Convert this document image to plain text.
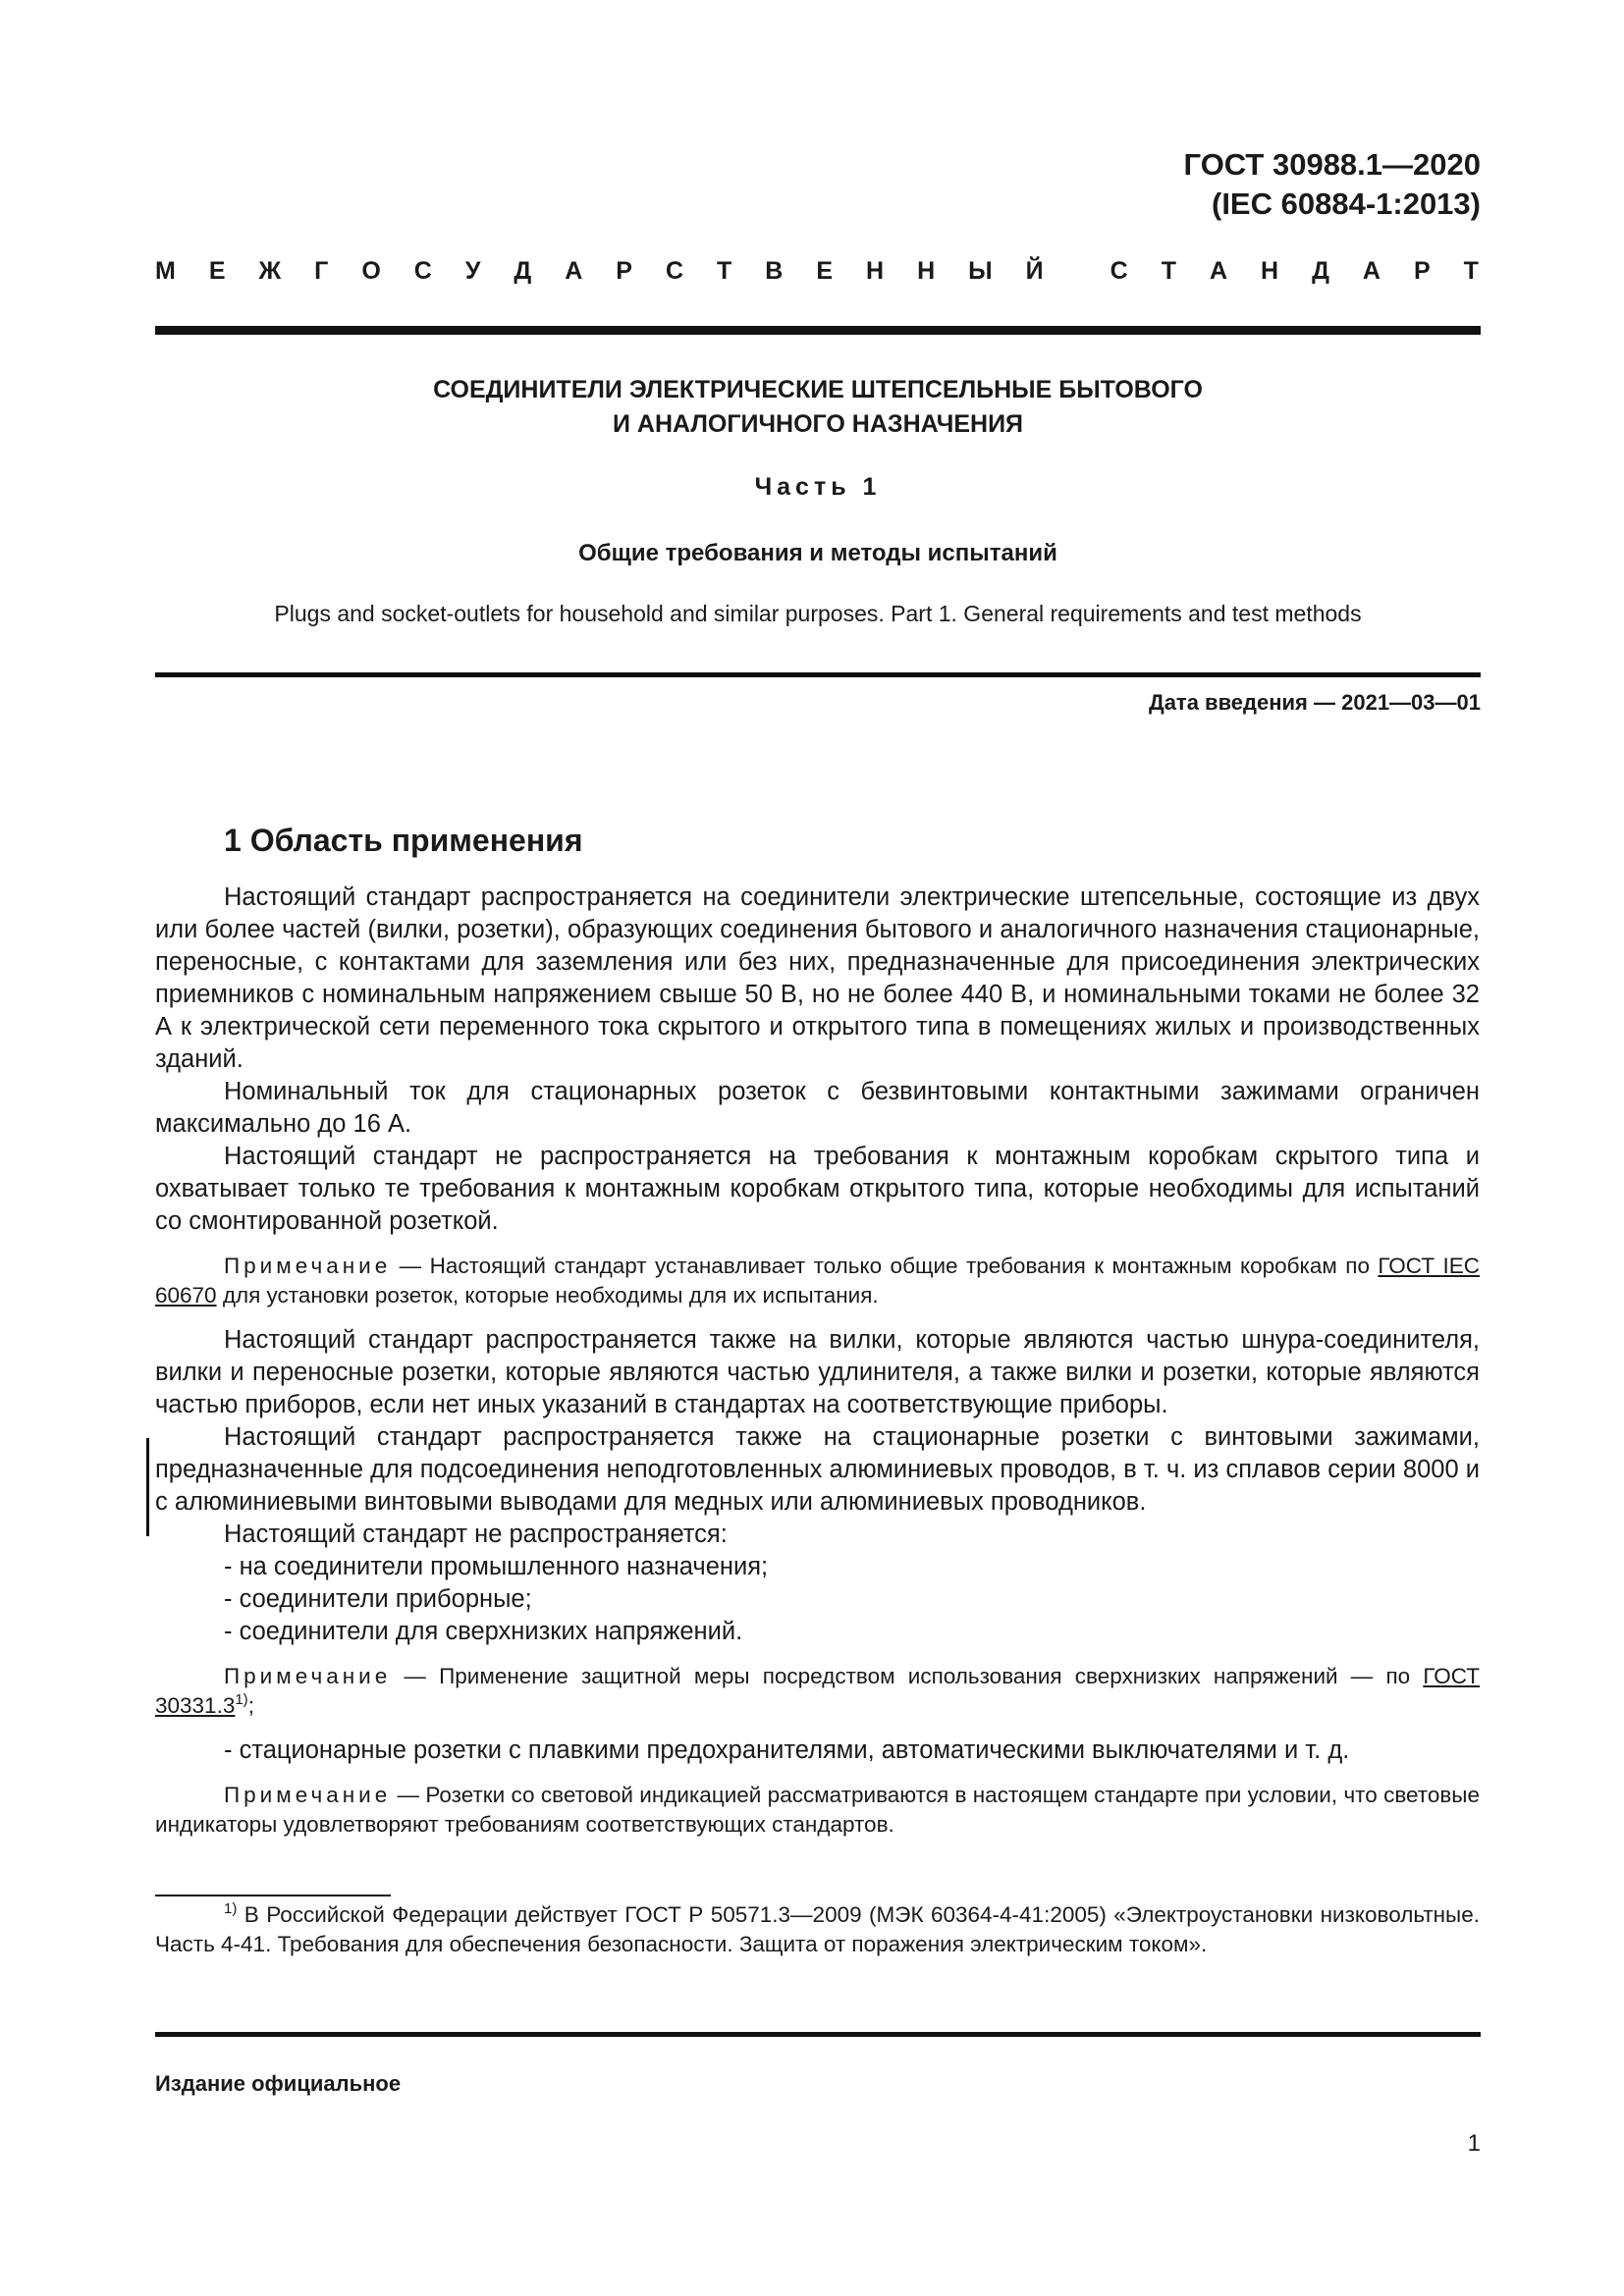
ГОСТ 30988.1—2020
(IEC 60884-1:2013)
М Е Ж Г О С У Д А Р С Т В Е Н Н Ы Й	С Т А Н Д А Р Т
СОЕДИНИТЕЛИ ЭЛЕКТРИЧЕСКИЕ ШТЕПСЕЛЬНЫЕ БЫТОВОГО
И АНАЛОГИЧНОГО НАЗНАЧЕНИЯ
Часть 1
Общие требования и методы испытаний
Plugs and socket-outlets for household and similar purposes. Part 1. General requirements and test methods
Дата введения — 2021—03—01
1 Область применения

Настоящий стандарт распространяется на соединители электрические штепсельные, состоящие из двух или более частей (вилки, розетки), образующих соединения бытового и аналогичного назначения стационарные, переносные, с контактами для заземления или без них, предназначенные для присоединения электрических приемников с номинальным напряжением свыше 50 В, но не более 440 В, и номинальными токами не более 32 А к электрической сети переменного тока скрытого и открытого типа в помещениях жилых и производственных зданий.

Номинальный ток для стационарных розеток с безвинтовыми контактными зажимами ограничен максимально до 16 А.

Настоящий стандарт не распространяется на требования к монтажным коробкам скрытого типа и охватывает только те требования к монтажным коробкам открытого типа, которые необходимы для испытаний со смонтированной розеткой.

Примечание — Настоящий стандарт устанавливает только общие требования к монтажным коробкам по ГОСТ IEC 60670 для установки розеток, которые необходимы для их испытания.

Настоящий стандарт распространяется также на вилки, которые являются частью шнура-соединителя, вилки и переносные розетки, которые являются частью удлинителя, а также вилки и розетки, которые являются частью приборов, если нет иных указаний в стандартах на соответствующие приборы.

Настоящий стандарт распространяется также на стационарные розетки с винтовыми зажимами, предназначенные для подсоединения неподготовленных алюминиевых проводов, в т. ч. из сплавов серии 8000 и с алюминиевыми винтовыми выводами для медных или алюминиевых проводников.

Настоящий стандарт не распространяется:

- на соединители промышленного назначения;

- соединители приборные;

- соединители для сверхнизких напряжений.

Примечание — Применение защитной меры посредством использования сверхнизких напряжений — по ГОСТ 30331.3$^{1)}$;

- стационарные розетки с плавкими предохранителями, автоматическими выключателями и т. д.

Примечание — Розетки со световой индикацией рассматриваются в настоящем стандарте при условии, что световые индикаторы удовлетворяют требованиям соответствующих стандартов.

$^{1)}$ В Российской Федерации действует ГОСТ Р 50571.3—2009 (МЭК 60364-4-41:2005) «Электроустановки низковольтные. Часть 4-41. Требования для обеспечения безопасности. Защита от поражения электрическим током».

Издание официальное
1
